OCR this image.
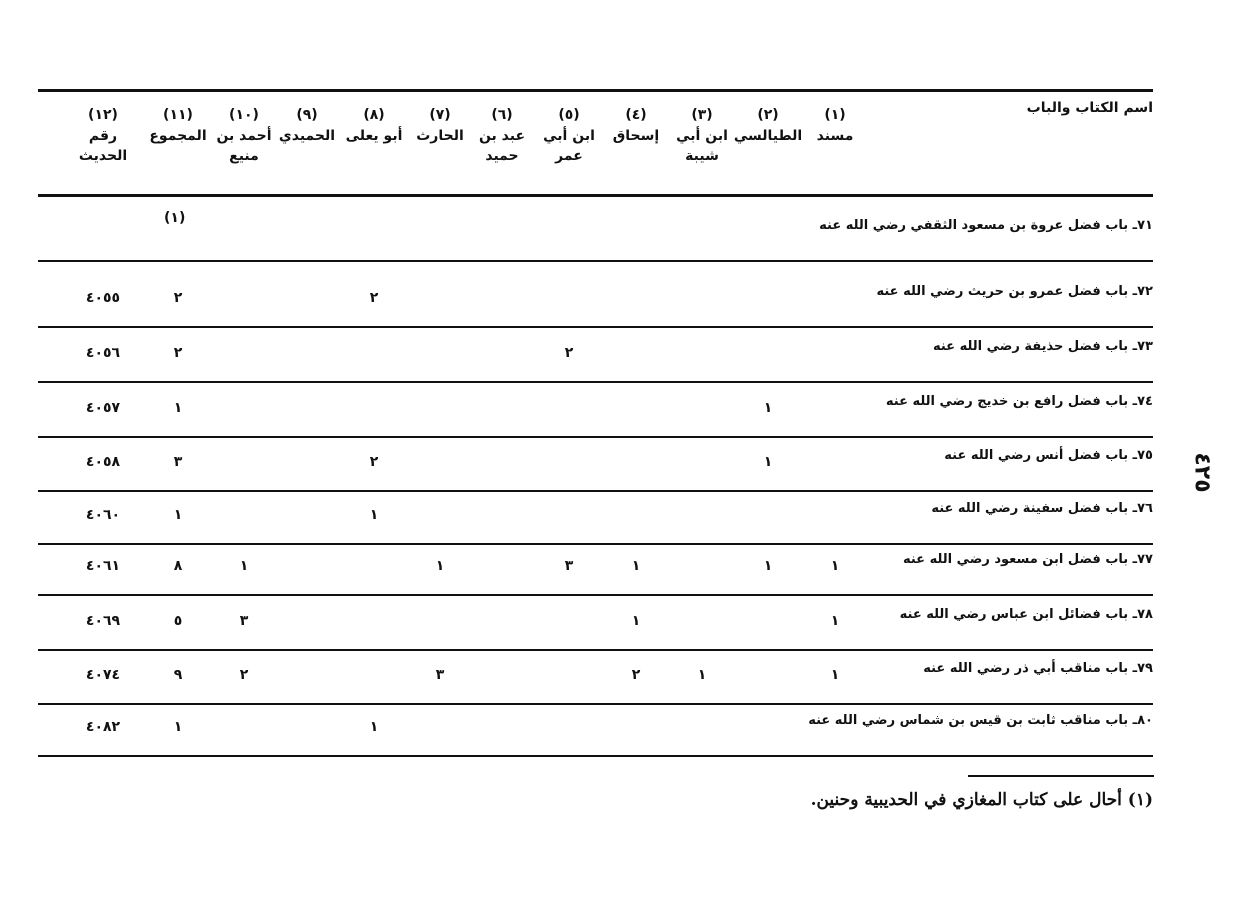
٤٢٥
اسم الكتاب والباب
(١)
مسند
(٢)
الطيالسي
(٣)
ابن أبي
شيبة
(٤)
إسحاق
(٥)
ابن أبي
عمر
(٦)
عبد بن
حميد
(٧)
الحارث
(٨)
أبو يعلى
(٩)
الحميدي
(١٠)
أحمد بن
منيع
(١١)
المجموع
(١٢)
رقم الحديث
٧١ـ باب فضل عروة بن مسعود الثقفي رضي الله عنه
(١)
٧٢ـ باب فضل عمرو بن حريث رضي الله عنه
٢
٢
٤٠٥٥
٧٣ـ باب فضل حذيفة رضي الله عنه
٢
٢
٤٠٥٦
٧٤ـ باب فضل رافع بن خديج رضي الله عنه
١
١
٤٠٥٧
٧٥ـ باب فضل أنس رضي الله عنه
١
٢
٣
٤٠٥٨
٧٦ـ باب فضل سفينة رضي الله عنه
١
١
٤٠٦٠
٧٧ـ باب فضل ابن مسعود رضي الله عنه
١
١
١
٣
١
١
٨
٤٠٦١
٧٨ـ باب فضائل ابن عباس رضي الله عنه
١
١
٣
٥
٤٠٦٩
٧٩ـ باب مناقب أبي ذر رضي الله عنه
١
١
٢
٣
٢
٩
٤٠٧٤
٨٠ـ باب مناقب ثابت بن قيس بن شماس رضي الله عنه
١
١
٤٠٨٢
(١) أحال على كتاب المغازي في الحديبية وحنين.
